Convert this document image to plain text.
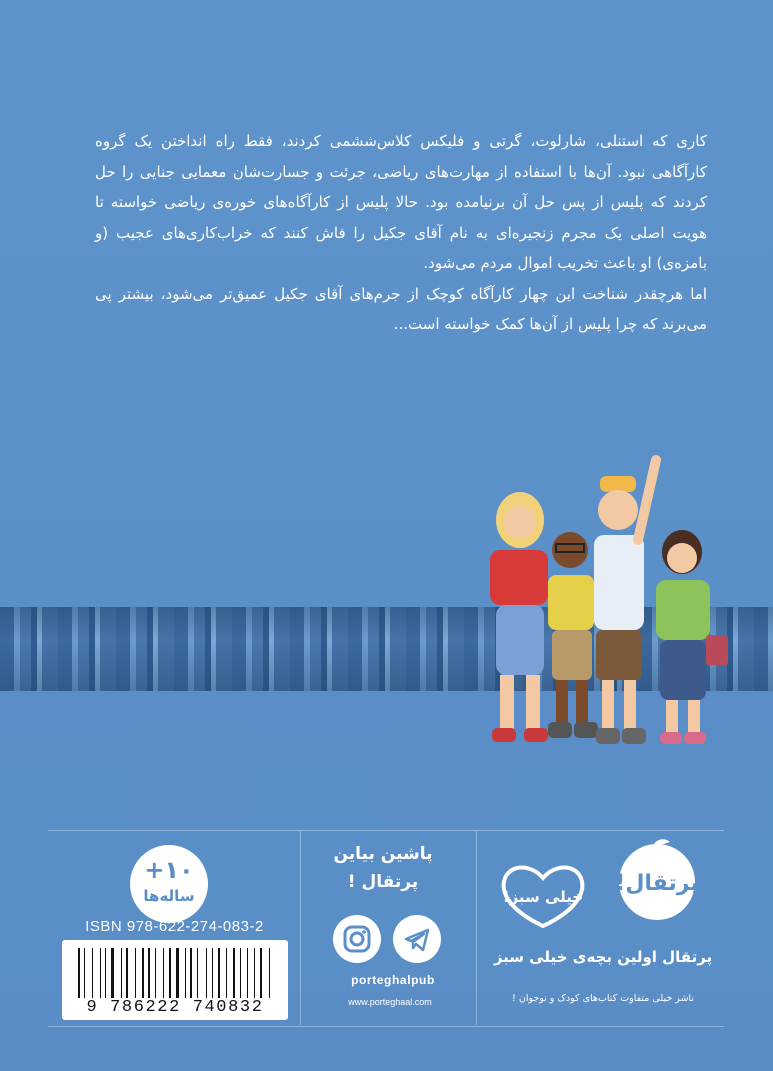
کاری که استنلی، شارلوت، گرتی و فلیکس کلاس‌ششمی کردند، فقط راه انداختن یک گروه کارآگاهی نبود. آن‌ها با استفاده از مهارت‌های ریاضی، جرئت و جسارت‌شان معمایی جنایی را حل کردند که پلیس از پس حل آن برنیامده بود. حالا پلیس از کارآگاه‌های خوره‌ی ریاضی خواسته تا هویت اصلی یک مجرم زنجیره‌ای به نام آقای جکیل را فاش کنند که خراب‌کاری‌های عجیب (و بامزه‌ی) او باعث تخریب اموال مردم می‌شود.

اما هرچقدر شناخت این چهار کارآگاه کوچک از جرم‌های آقای جکیل عمیق‌تر می‌شود، بیشتر پی می‌برند که چرا پلیس از آن‌ها کمک خواسته است...

+۱۰
ساله‌ها
ISBN 978-622-274-083-2
9 786222 740832
پاشین بیاین پرتقال !
porteghalpub
www.porteghaal.com
پرتقال!
خیلی سبز!
پرتقال اولین بچه‌ی خیلی سبز
ناشر خیلی متفاوت کتاب‌های کودک و نوجوان !
